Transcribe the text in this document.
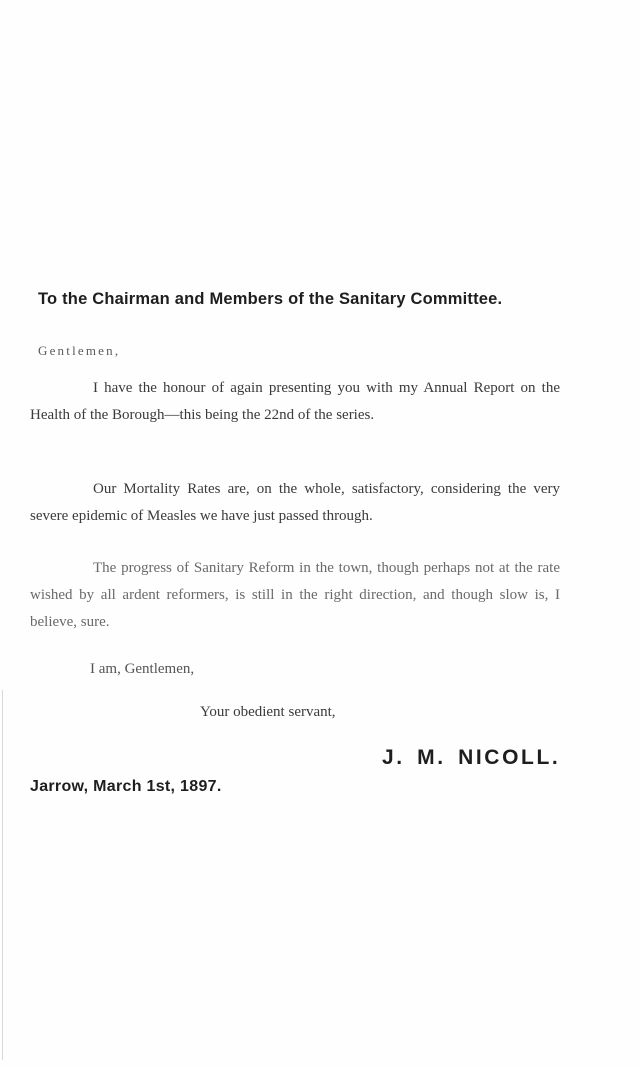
To the Chairman and Members of the Sanitary Committee.
Gentlemen,
I have the honour of again presenting you with my Annual Report on the Health of the Borough—this being the 22nd of the series.
Our Mortality Rates are, on the whole, satisfactory, considering the very severe epidemic of Measles we have just passed through.
The progress of Sanitary Reform in the town, though perhaps not at the rate wished by all ardent reformers, is still in the right direction, and though slow is, I believe, sure.
I am, Gentlemen,
Your obedient servant,
J. M. NICOLL.
Jarrow, March 1st, 1897.
